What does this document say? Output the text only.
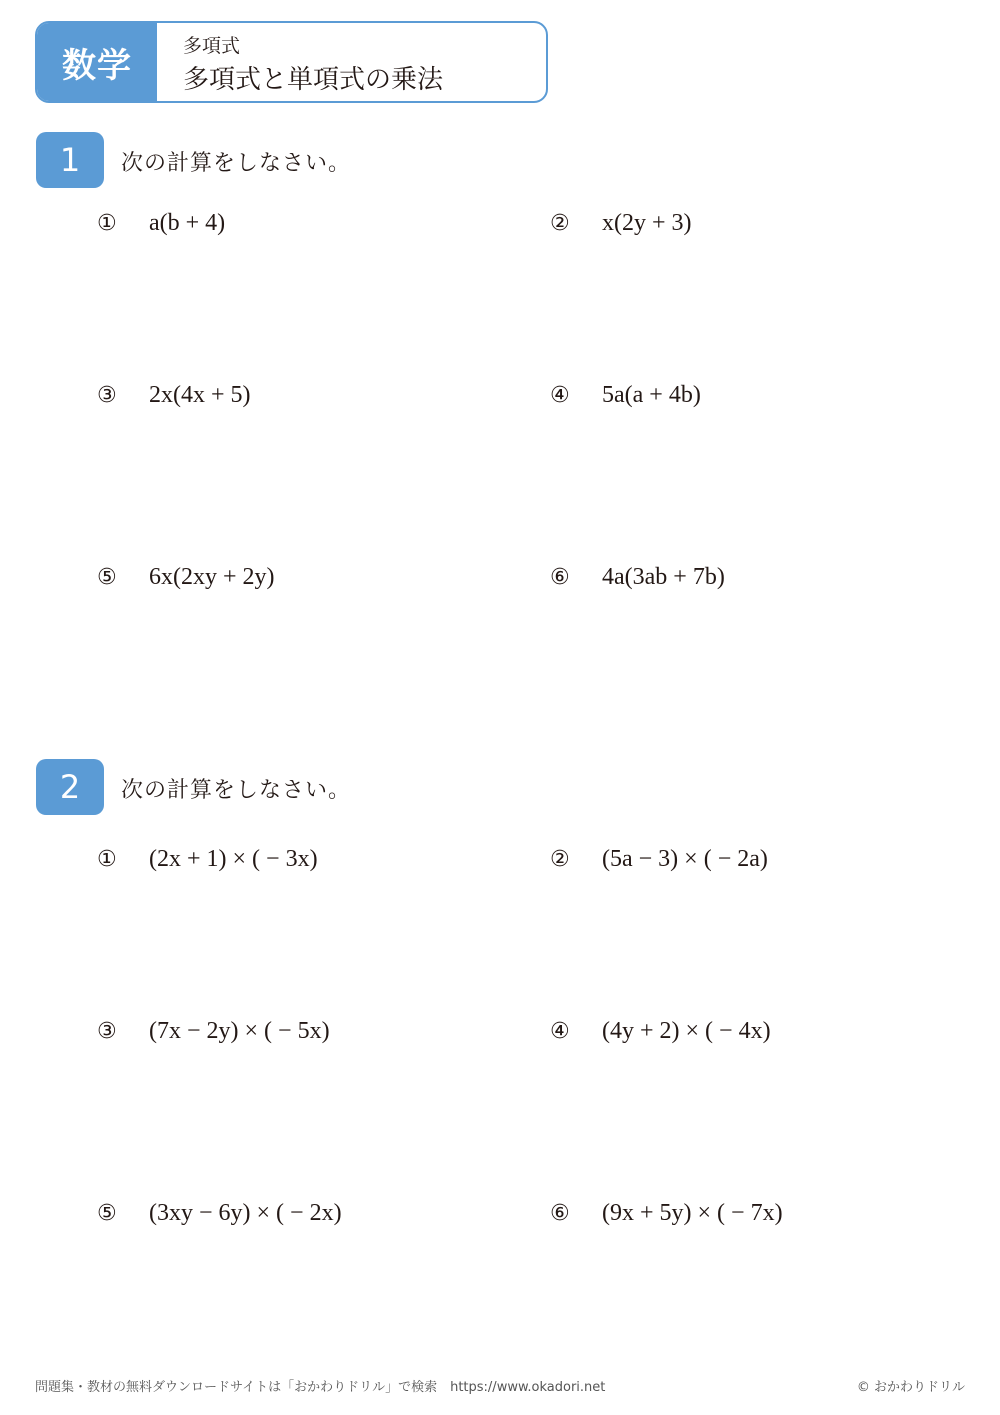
数学	多項式
多項式と単項式の乗法
1	次の計算をしなさい。
①	a(b + 4)	②	x(2y + 3)
③	2x(4x + 5)	④	5a(a + 4b)
⑤	6x(2xy + 2y)	⑥	4a(3ab + 7b)
2	次の計算をしなさい。
①	(2x + 1) × ( − 3x)	②	(5a − 3) × ( − 2a)
③	(7x − 2y) × ( − 5x)	④	(4y + 2) × ( − 4x)
⑤	(3xy − 6y) × ( − 2x)	⑥	(9x + 5y) × ( − 7x)
問題集・教材の無料ダウンロードサイトは「おかわりドリル」で検索　https://www.okadori.net	© おかわりドリル
